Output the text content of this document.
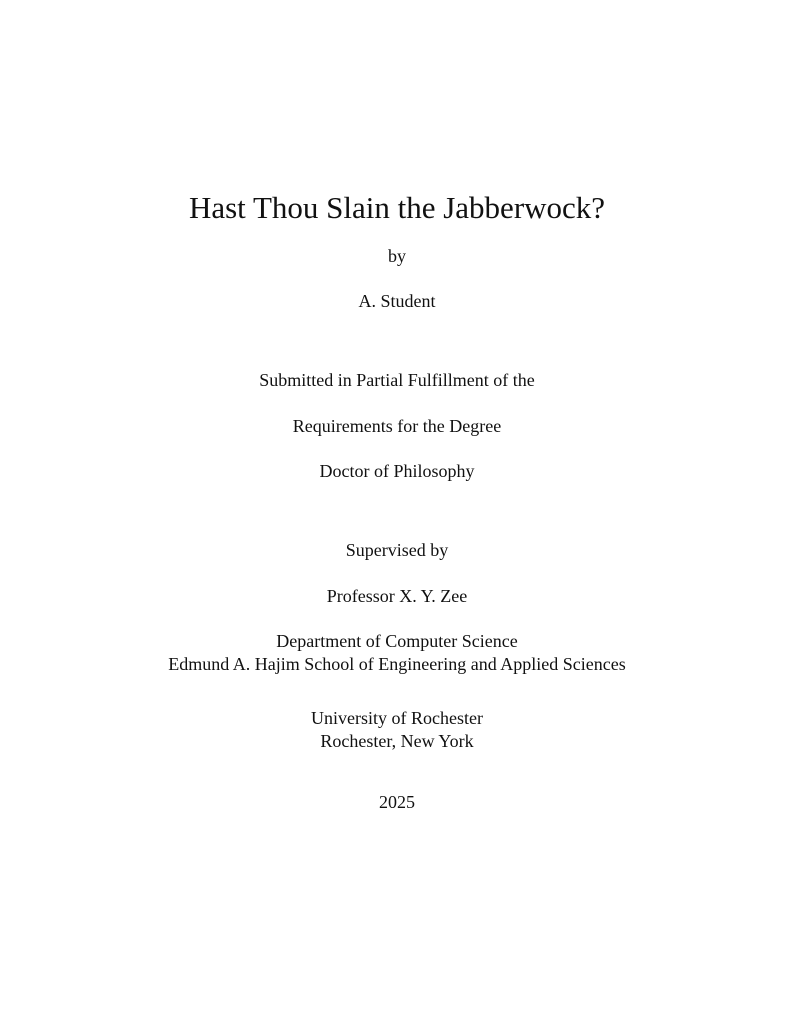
Hast Thou Slain the Jabberwock?
by
A. Student
Submitted in Partial Fulfillment of the
Requirements for the Degree
Doctor of Philosophy
Supervised by
Professor X. Y. Zee
Department of Computer Science
Edmund A. Hajim School of Engineering and Applied Sciences
University of Rochester
Rochester, New York
2025
